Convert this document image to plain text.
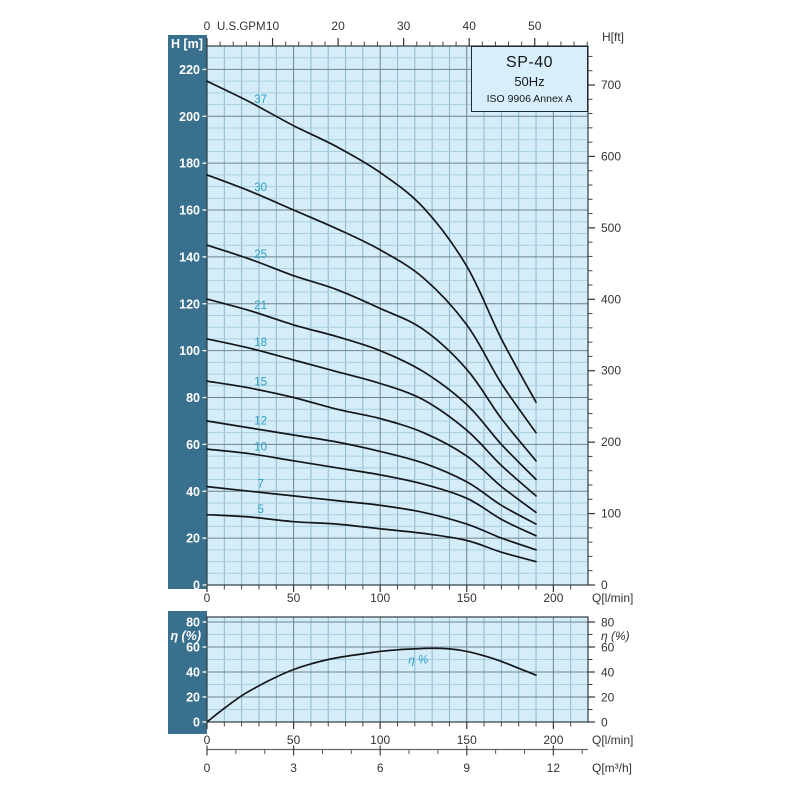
0	10	20	30	40	50
U.S.GPM
700
600
500
400
300
200
100
0
H[ft]
0	50	100	150	200 Q[l/min]
H [m]
220
200
180
160
140
120
100
80
60
40
20
0
37
30
25
21
18
15
12
10
7
5
η %
80
60
40
20
0
η (%)
80
60
40
20
0
η (%)
0	50	100	150	200 Q[l/min]
0	3	6	9	12	Q[m³/h]
SP-40
50Hz
ISO 9906 Annex A
